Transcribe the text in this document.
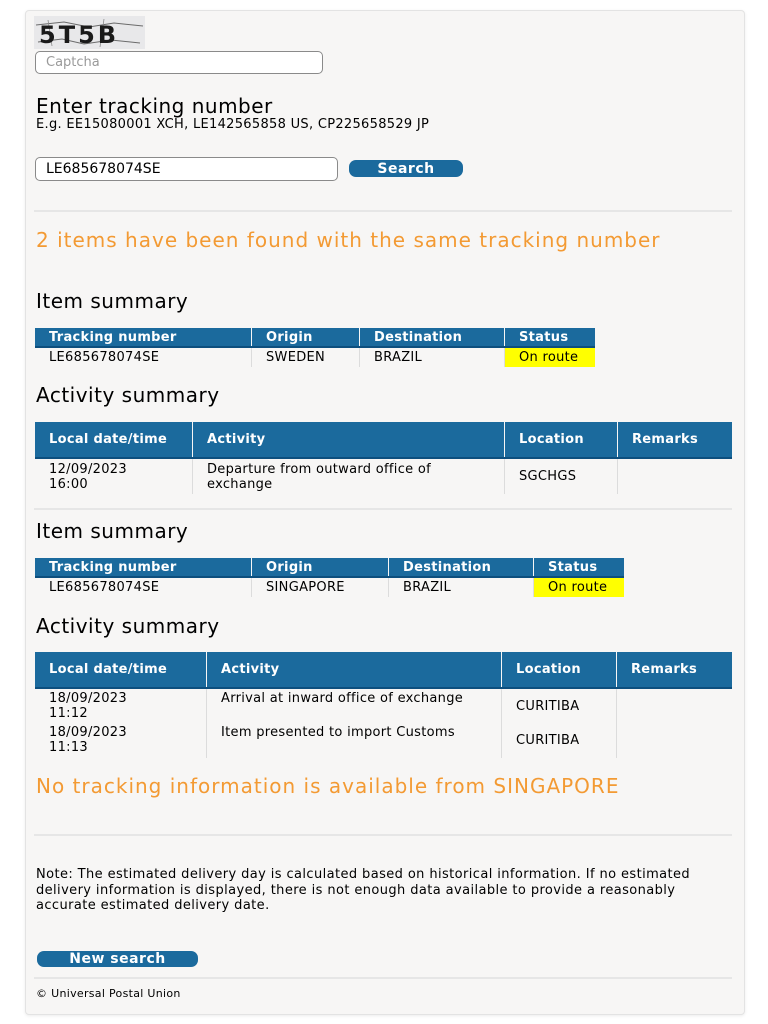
5T5B
Captcha
Enter tracking number
E.g. EE15080001 XCH, LE142565858 US, CP225658529 JP
LE685678074SE
Search
2 items have been found with the same tracking number
Item summary
Tracking number	Origin	Destination	Status
LE685678074SE	SWEDEN	BRAZIL	On route
Activity summary
Local date/time	Activity	Location	Remarks

12/09/2023
16:00	Departure from outward office of exchange	SGCHGS	
Item summary
Tracking number	Origin	Destination	Status
LE685678074SE	SINGAPORE	BRAZIL	On route
Activity summary
Local date/time	Activity	Location	Remarks

18/09/2023
11:12	Arrival at inward office of exchange	CURITIBA	

18/09/2023
11:13	Item presented to import Customs	CURITIBA	
No tracking information is available from SINGAPORE
Note: The estimated delivery day is calculated based on historical information. If no estimated delivery information is displayed, there is not enough data available to provide a reasonably accurate estimated delivery date.
New search
© Universal Postal Union
